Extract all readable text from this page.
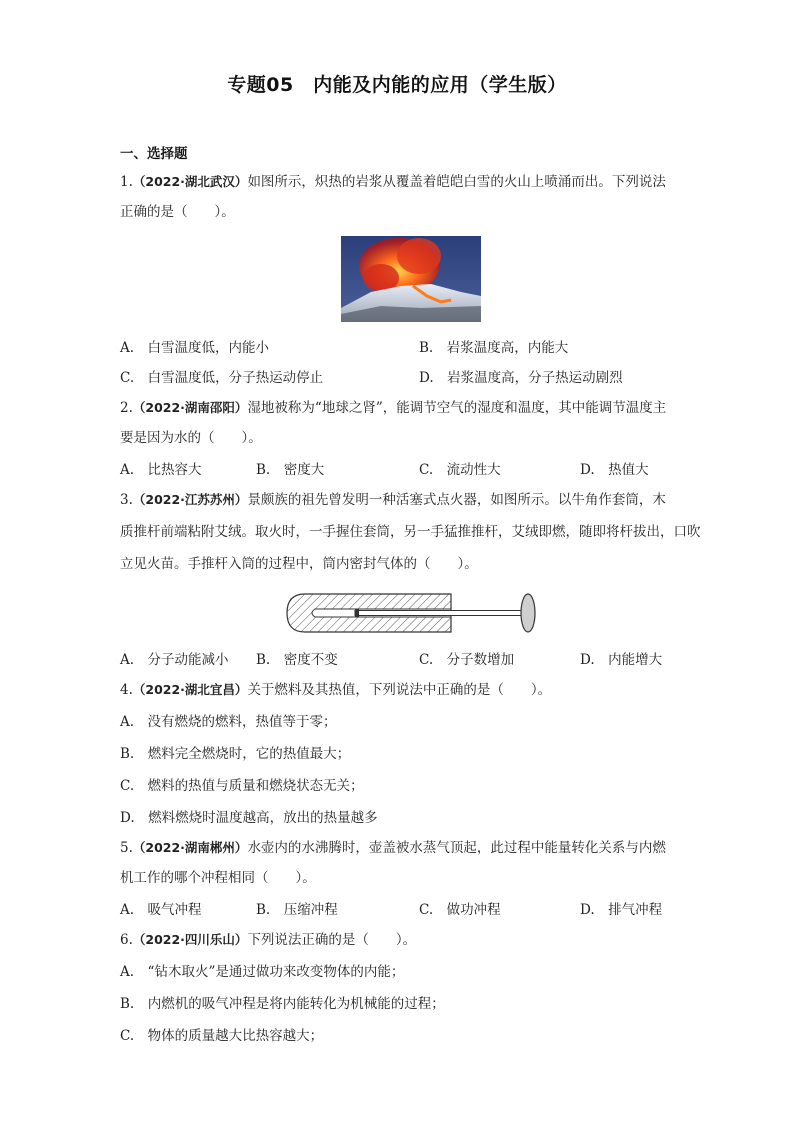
专题05　内能及内能的应用（学生版）
一、选择题
1.（2022·湖北武汉）如图所示，炽热的岩浆从覆盖着皑皑白雪的火山上喷涌而出。下列说法
正确的是（　　）。
A.　白雪温度低，内能小	B.　岩浆温度高，内能大
C.　白雪温度低，分子热运动停止	D.　岩浆温度高，分子热运动剧烈
2.（2022·湖南邵阳）湿地被称为“地球之肾”，能调节空气的湿度和温度，其中能调节温度主
要是因为水的（　　）。
A.　比热容大	B.　密度大	C.　流动性大	D.　热值大
3.（2022·江苏苏州）景颇族的祖先曾发明一种活塞式点火器，如图所示。以牛角作套筒，木
质推杆前端粘附艾绒。取火时，一手握住套筒，另一手猛推推杆，艾绒即燃，随即将杆拔出，口吹
立见火苗。手推杆入筒的过程中，筒内密封气体的（　　）。
A.　分子动能减小 B.　密度不变	C.　分子数增加	D.　内能增大
4.（2022·湖北宜昌）关于燃料及其热值，下列说法中正确的是（　　）。
A.　没有燃烧的燃料，热值等于零；
B.　燃料完全燃烧时，它的热值最大；
C.　燃料的热值与质量和燃烧状态无关；
D.　燃料燃烧时温度越高，放出的热量越多
5.（2022·湖南郴州）水壶内的水沸腾时，壶盖被水蒸气顶起，此过程中能量转化关系与内燃
机工作的哪个冲程相同（　　）。
A.　吸气冲程	B.　压缩冲程	C.　做功冲程	D.　排气冲程
6.（2022·四川乐山）下列说法正确的是（　　）。
A.　“钻木取火”是通过做功来改变物体的内能；
B.　内燃机的吸气冲程是将内能转化为机械能的过程；
C.　物体的质量越大比热容越大；
